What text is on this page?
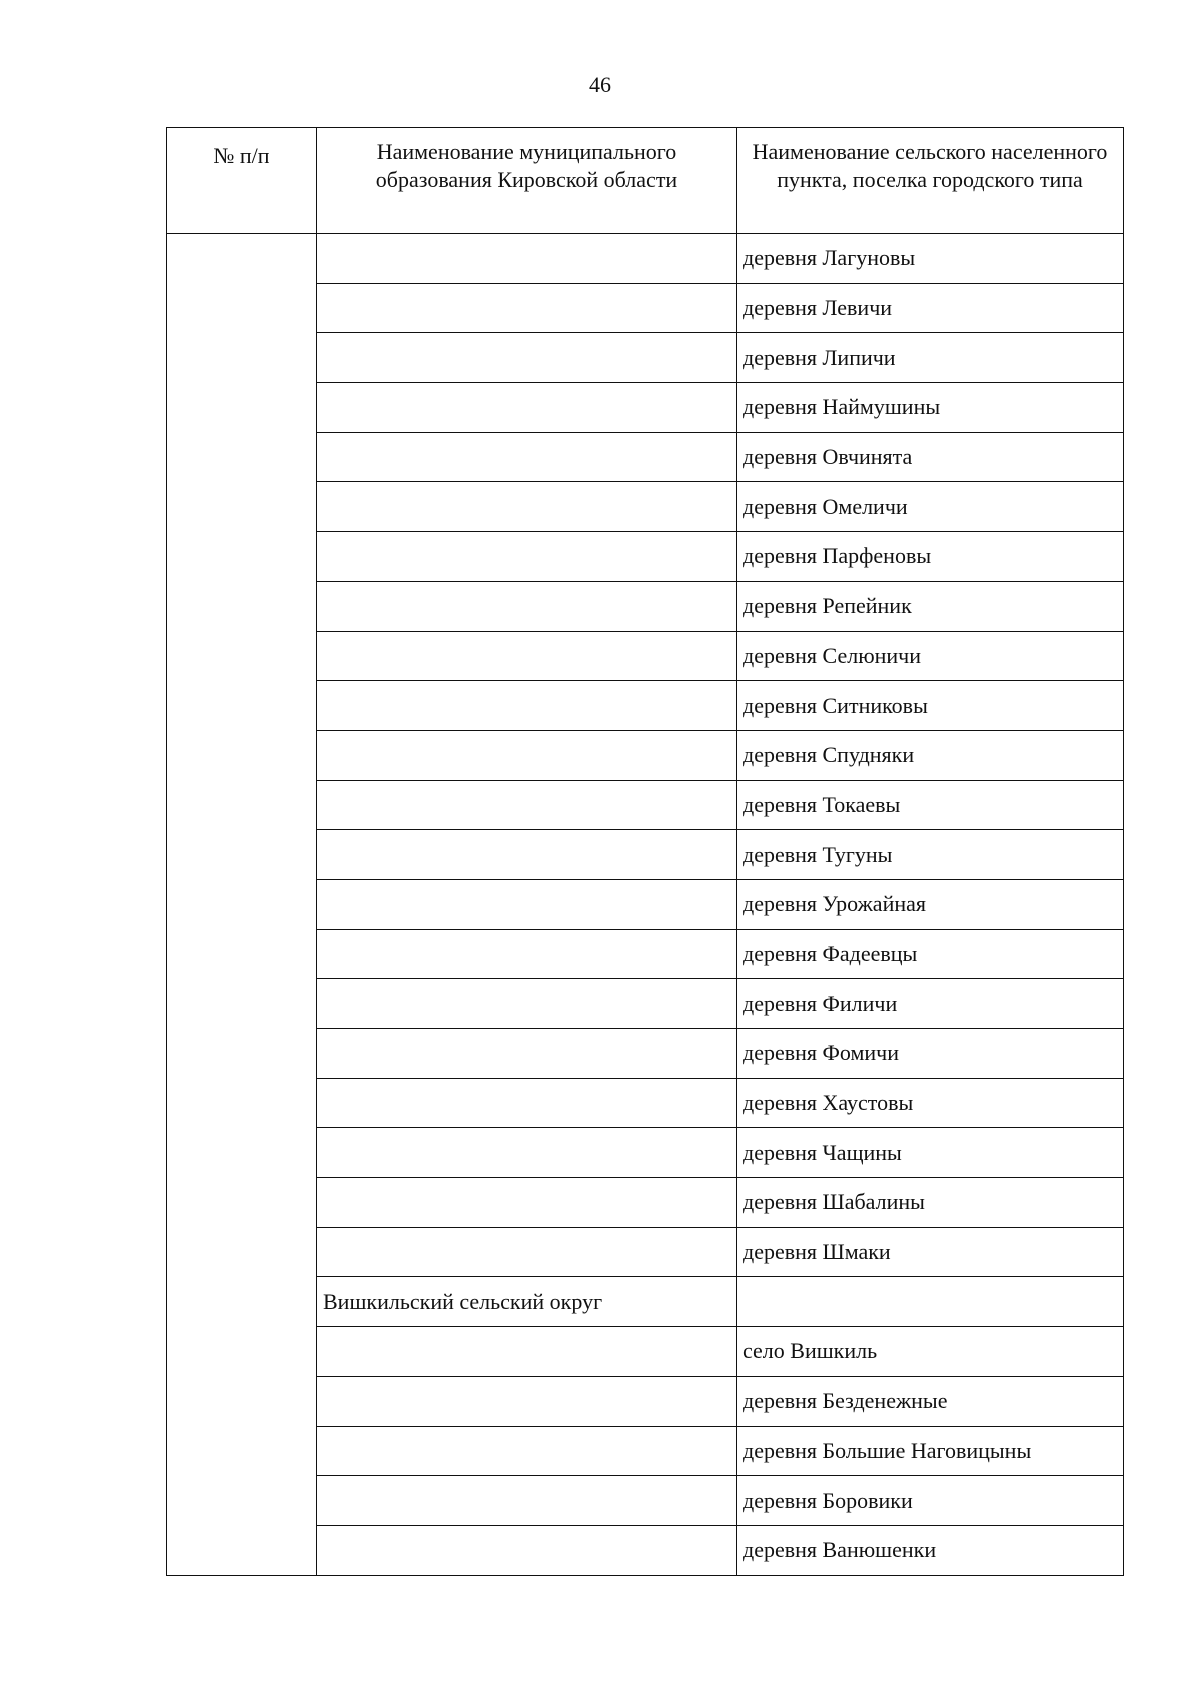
46
№ п/п	Наименование муниципального образования Кировской области	Наименование сельского населенного пункта, поселка городского типа
		деревня Лагуновы
		деревня Левичи
		деревня Липичи
		деревня Наймушины
		деревня Овчинята
		деревня Омеличи
		деревня Парфеновы
		деревня Репейник
		деревня Селюничи
		деревня Ситниковы
		деревня Спудняки
		деревня Токаевы
		деревня Тугуны
		деревня Урожайная
		деревня Фадеевцы
		деревня Филичи
		деревня Фомичи
		деревня Хаустовы
		деревня Чащины
		деревня Шабалины
		деревня Шмаки
	Вишкильский сельский округ	
		село Вишкиль
		деревня Безденежные
		деревня Большие Наговицыны
		деревня Боровики
		деревня Ванюшенки
